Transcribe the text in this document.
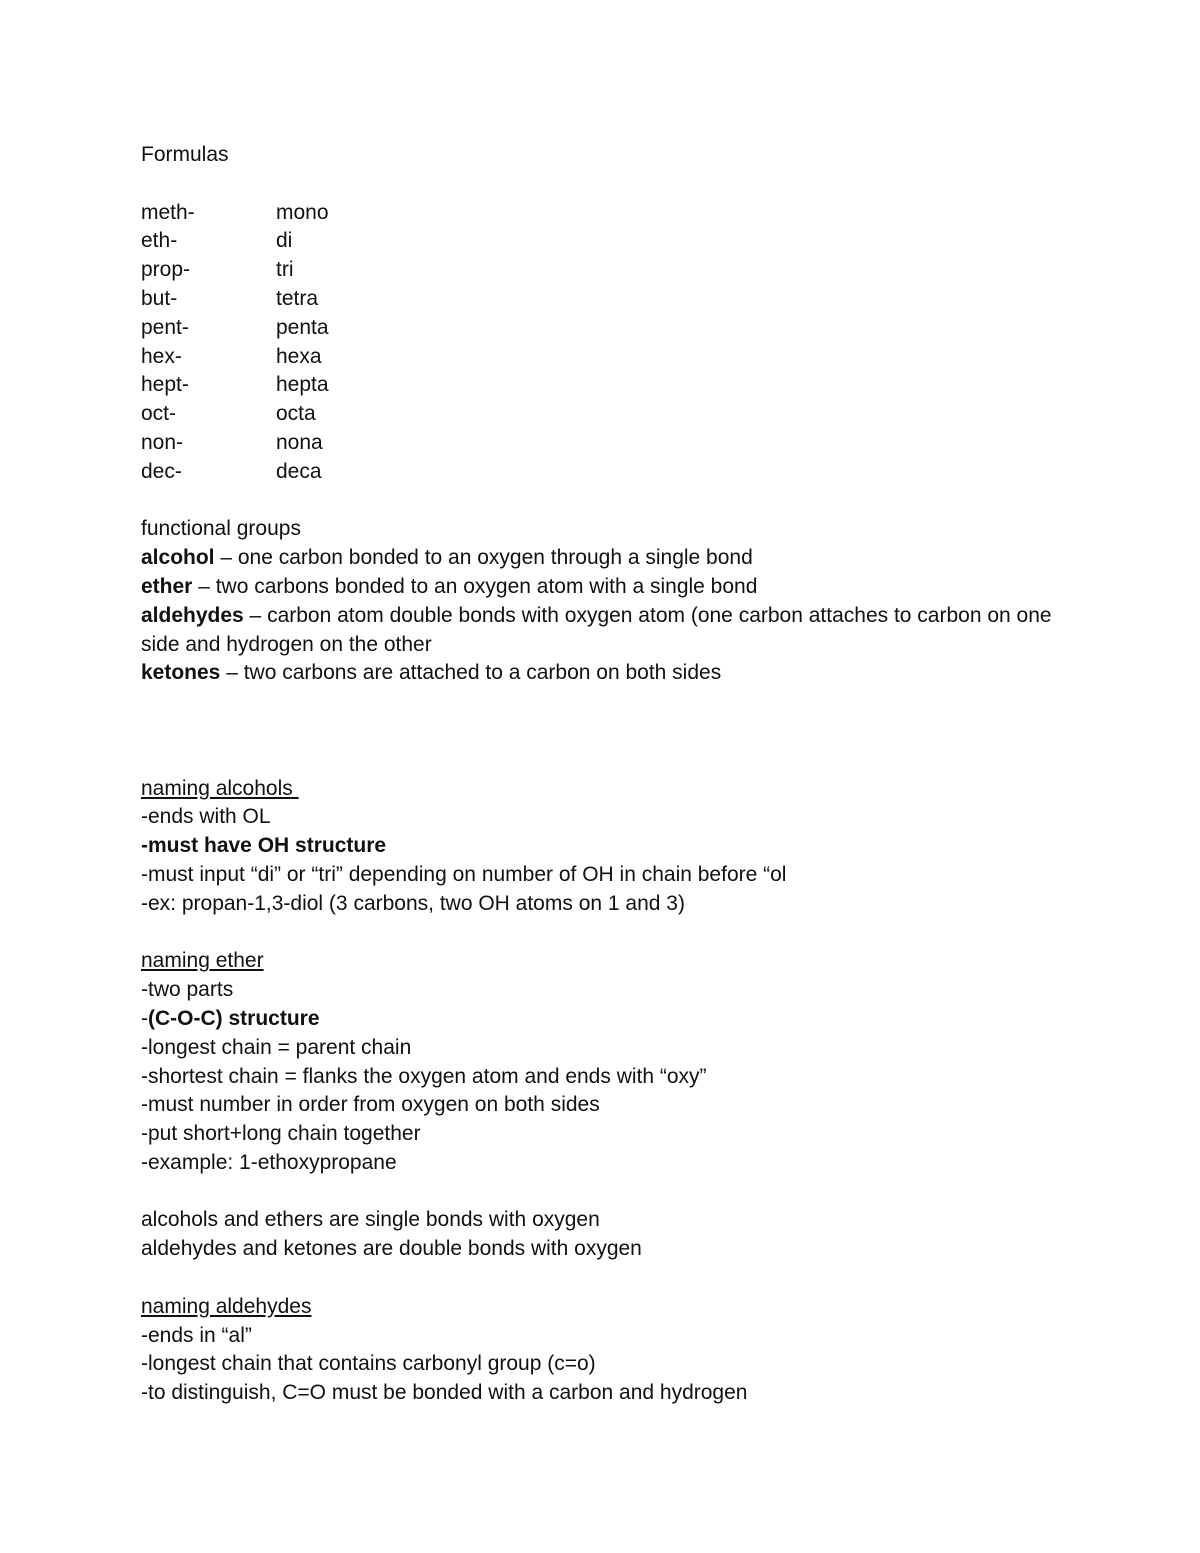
Formulas
meth-	mono
eth-	di
prop-	tri
but-	tetra
pent-	penta
hex-	hexa
hept-	hepta
oct-	octa
non-	nona
dec-	deca
functional groups
alcohol – one carbon bonded to an oxygen through a single bond
ether – two carbons bonded to an oxygen atom with a single bond
aldehydes – carbon atom double bonds with oxygen atom (one carbon attaches to carbon on one side and hydrogen on the other
ketones – two carbons are attached to a carbon on both sides
naming alcohols
-ends with OL
-must have OH structure
-must input “di” or “tri” depending on number of OH in chain before “ol
-ex: propan-1,3-diol (3 carbons, two OH atoms on 1 and 3)
naming ether
-two parts
-(C-O-C) structure
-longest chain = parent chain
-shortest chain = flanks the oxygen atom and ends with “oxy”
-must number in order from oxygen on both sides
-put short+long chain together
-example: 1-ethoxypropane
alcohols and ethers are single bonds with oxygen
aldehydes and ketones are double bonds with oxygen
naming aldehydes
-ends in “al”
-longest chain that contains carbonyl group (c=o)
-to distinguish, C=O must be bonded with a carbon and hydrogen
